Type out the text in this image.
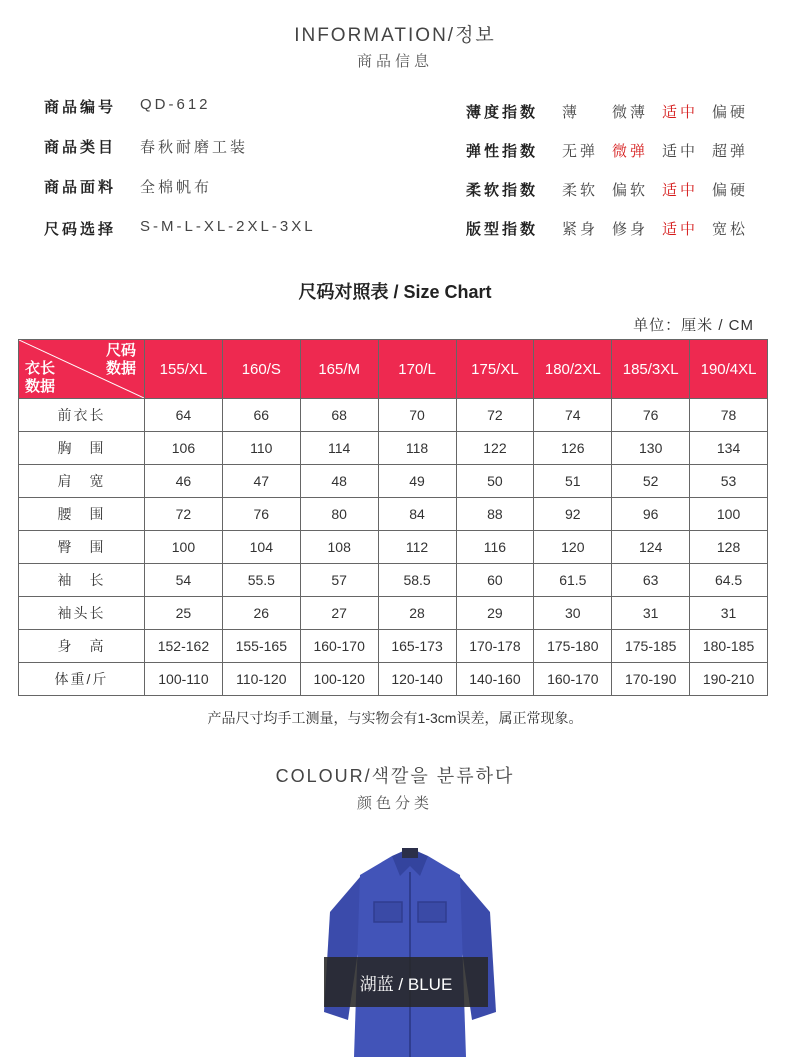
INFORMATION/정보
商品信息
商品编号 QD-612
商品类目 春秋耐磨工装
商品面料 全棉帆布
尺码选择 S-M-L-XL-2XL-3XL
薄度指数 薄 微薄 适中 偏硬
弹性指数 无弹 微弹 适中 超弹
柔软指数 柔软 偏软 适中 偏硬
版型指数 紧身 修身 适中 宽松
尺码对照表 / Size Chart
单位：厘米 / CM
尺码
数据
衣长
数据	155/XL	160/S	165/M	170/L	175/XL	180/2XL	185/3XL	190/4XL
前衣长	64	66	68	70	72	74	76	78
胸　围	106	110	114	118	122	126	130	134
肩　宽	46	47	48	49	50	51	52	53
腰　围	72	76	80	84	88	92	96	100
臀　围	100	104	108	112	116	120	124	128
袖　长	54	55.5	57	58.5	60	61.5	63	64.5
袖头长	25	26	27	28	29	30	31	31
身　高	152-162	155-165	160-170	165-173	170-178	175-180	175-185	180-185
体重/斤	100-110	110-120	100-120	120-140	140-160	160-170	170-190	190-210
产品尺寸均手工测量，与实物会有1-3cm误差，属正常现象。
COLOUR/색깔을 분류하다
颜色分类
湖蓝 / BLUE
